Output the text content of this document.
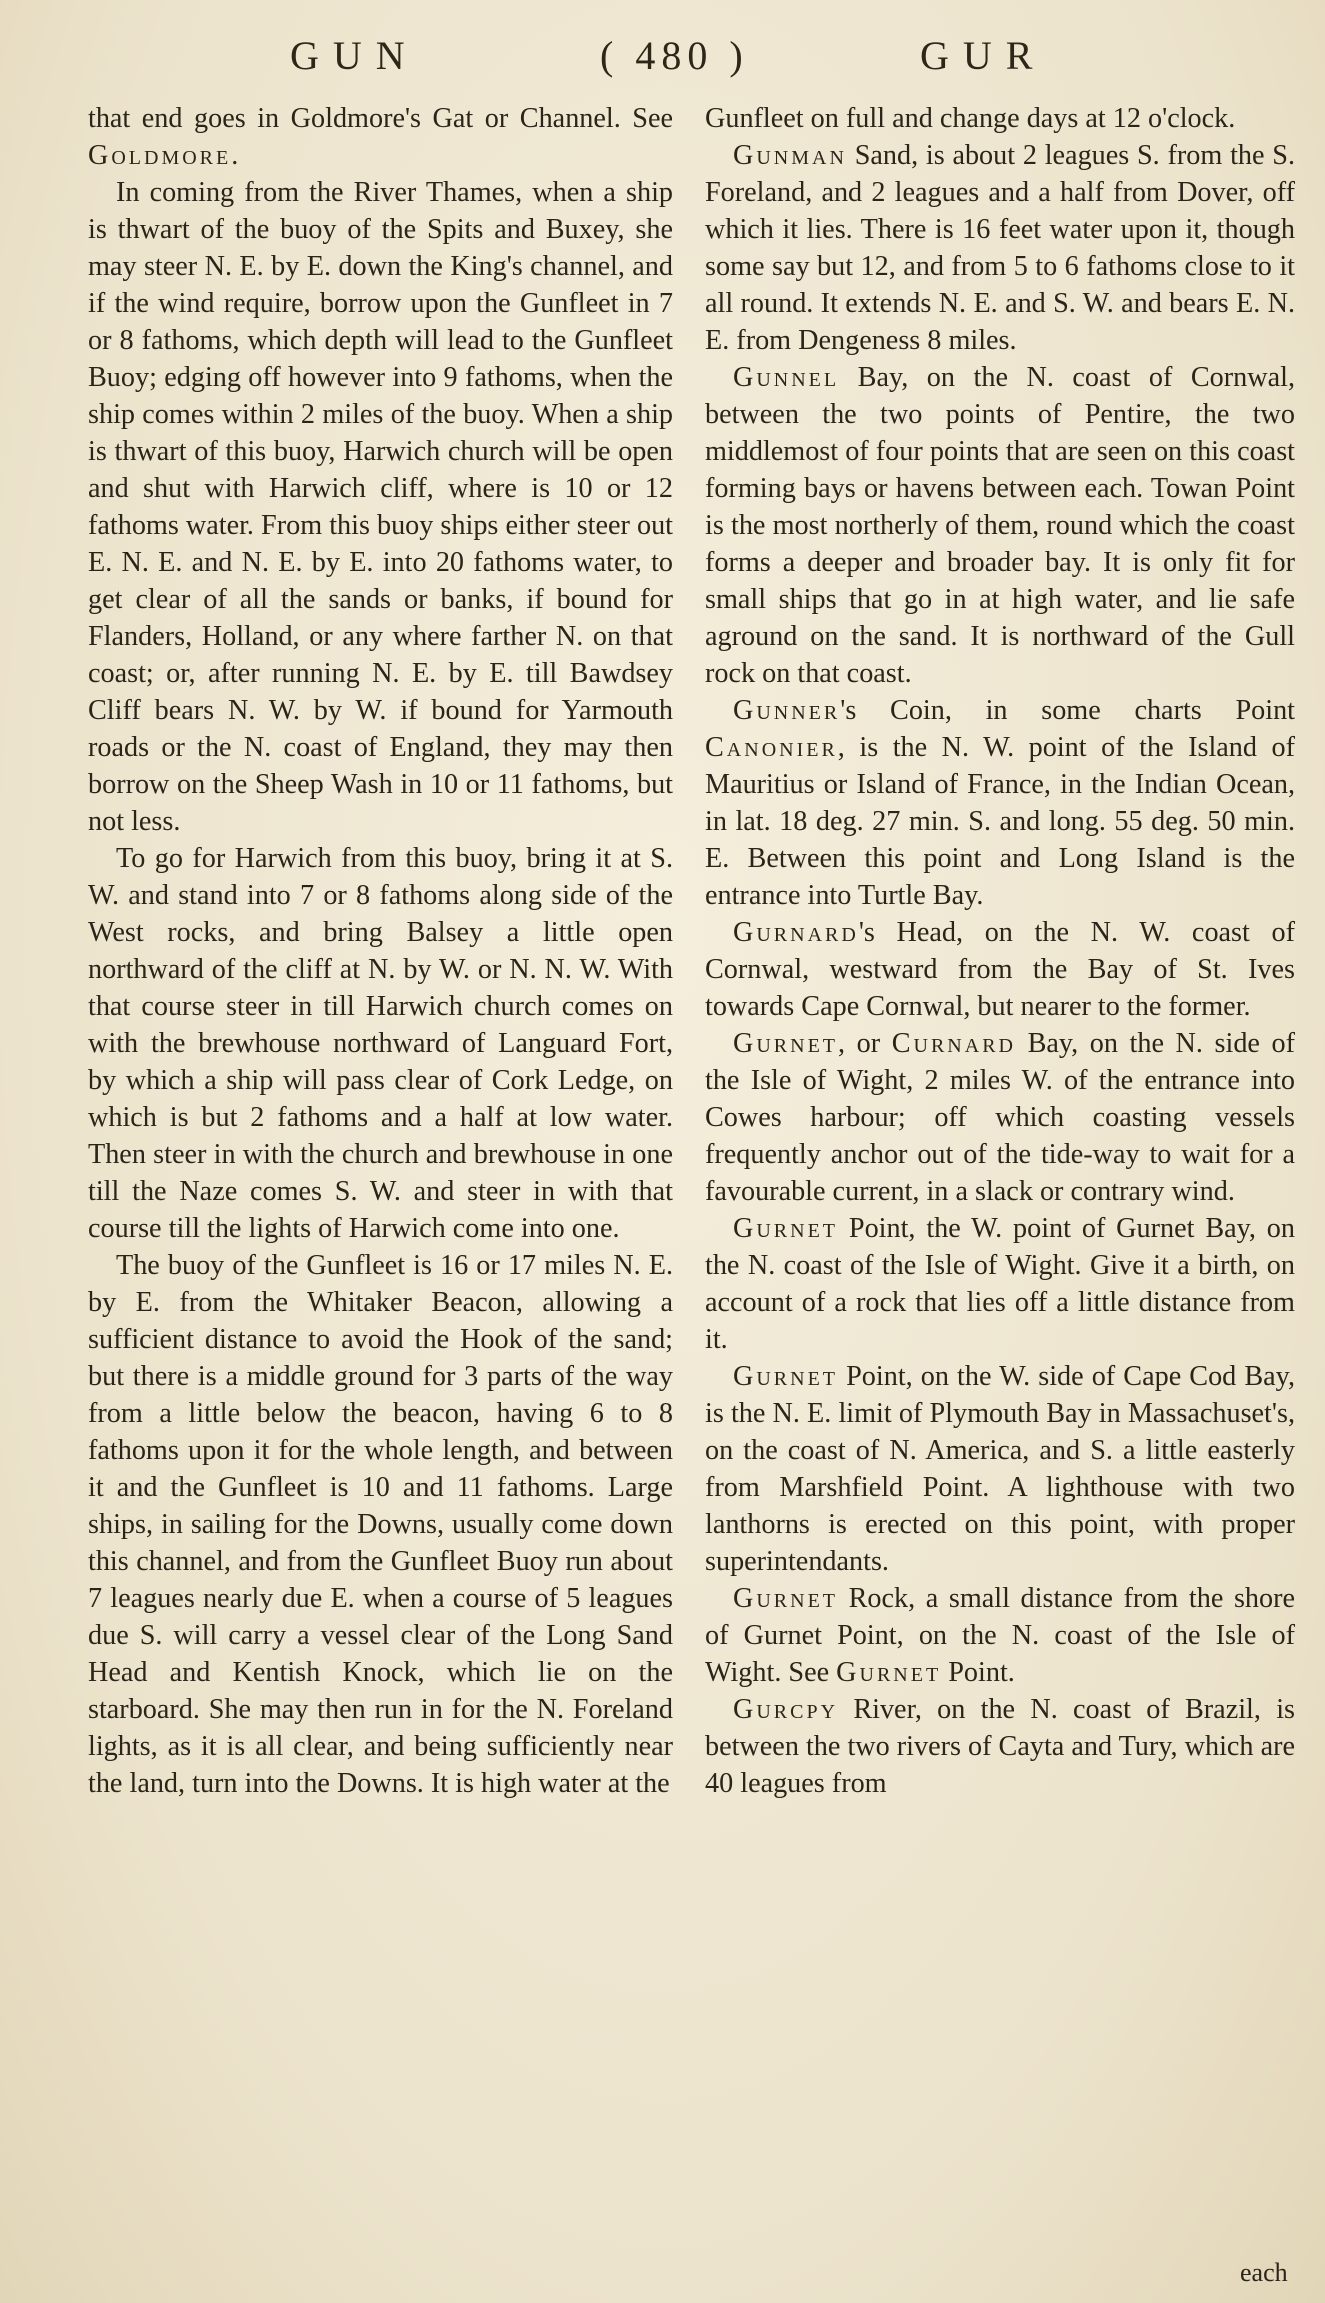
GUN	( 480 )	GUR

that end goes in Goldmore's Gat or Channel. See Goldmore.

In coming from the River Thames, when a ship is thwart of the buoy of the Spits and Buxey, she may steer N. E. by E. down the King's channel, and if the wind require, borrow upon the Gunfleet in 7 or 8 fathoms, which depth will lead to the Gunfleet Buoy; edging off however into 9 fathoms, when the ship comes within 2 miles of the buoy. When a ship is thwart of this buoy, Harwich church will be open and shut with Harwich cliff, where is 10 or 12 fathoms water. From this buoy ships either steer out E. N. E. and N. E. by E. into 20 fathoms water, to get clear of all the sands or banks, if bound for Flanders, Holland, or any where farther N. on that coast; or, after running N. E. by E. till Bawdsey Cliff bears N. W. by W. if bound for Yarmouth roads or the N. coast of England, they may then borrow on the Sheep Wash in 10 or 11 fathoms, but not less.

To go for Harwich from this buoy, bring it at S. W. and stand into 7 or 8 fathoms along side of the West rocks, and bring Balsey a little open northward of the cliff at N. by W. or N. N. W. With that course steer in till Harwich church comes on with the brewhouse northward of Languard Fort, by which a ship will pass clear of Cork Ledge, on which is but 2 fathoms and a half at low water. Then steer in with the church and brewhouse in one till the Naze comes S. W. and steer in with that course till the lights of Harwich come into one.

The buoy of the Gunfleet is 16 or 17 miles N. E. by E. from the Whitaker Beacon, allowing a sufficient distance to avoid the Hook of the sand; but there is a middle ground for 3 parts of the way from a little below the beacon, having 6 to 8 fathoms upon it for the whole length, and between it and the Gunfleet is 10 and 11 fathoms. Large ships, in sailing for the Downs, usually come down this channel, and from the Gunfleet Buoy run about 7 leagues nearly due E. when a course of 5 leagues due S. will carry a vessel clear of the Long Sand Head and Kentish Knock, which lie on the starboard. She may then run in for the N. Foreland lights, as it is all clear, and being sufficiently near the land, turn into the Downs. It is high water at the

Gunfleet on full and change days at 12 o'clock.

Gunman Sand, is about 2 leagues S. from the S. Foreland, and 2 leagues and a half from Dover, off which it lies. There is 16 feet water upon it, though some say but 12, and from 5 to 6 fathoms close to it all round. It extends N. E. and S. W. and bears E. N. E. from Dengeness 8 miles.

Gunnel Bay, on the N. coast of Cornwal, between the two points of Pentire, the two middlemost of four points that are seen on this coast forming bays or havens between each. Towan Point is the most northerly of them, round which the coast forms a deeper and broader bay. It is only fit for small ships that go in at high water, and lie safe aground on the sand. It is northward of the Gull rock on that coast.

Gunner's Coin, in some charts Point Canonier, is the N. W. point of the Island of Mauritius or Island of France, in the Indian Ocean, in lat. 18 deg. 27 min. S. and long. 55 deg. 50 min. E. Between this point and Long Island is the entrance into Turtle Bay.

Gurnard's Head, on the N. W. coast of Cornwal, westward from the Bay of St. Ives towards Cape Cornwal, but nearer to the former.

Gurnet, or Curnard Bay, on the N. side of the Isle of Wight, 2 miles W. of the entrance into Cowes harbour; off which coasting vessels frequently anchor out of the tide-way to wait for a favourable current, in a slack or contrary wind.

Gurnet Point, the W. point of Gurnet Bay, on the N. coast of the Isle of Wight. Give it a birth, on account of a rock that lies off a little distance from it.

Gurnet Point, on the W. side of Cape Cod Bay, is the N. E. limit of Plymouth Bay in Massachuset's, on the coast of N. America, and S. a little easterly from Marshfield Point. A lighthouse with two lanthorns is erected on this point, with proper superintendants.

Gurnet Rock, a small distance from the shore of Gurnet Point, on the N. coast of the Isle of Wight. See Gurnet Point.

Gurcpy River, on the N. coast of Brazil, is between the two rivers of Cayta and Tury, which are 40 leagues from

each
